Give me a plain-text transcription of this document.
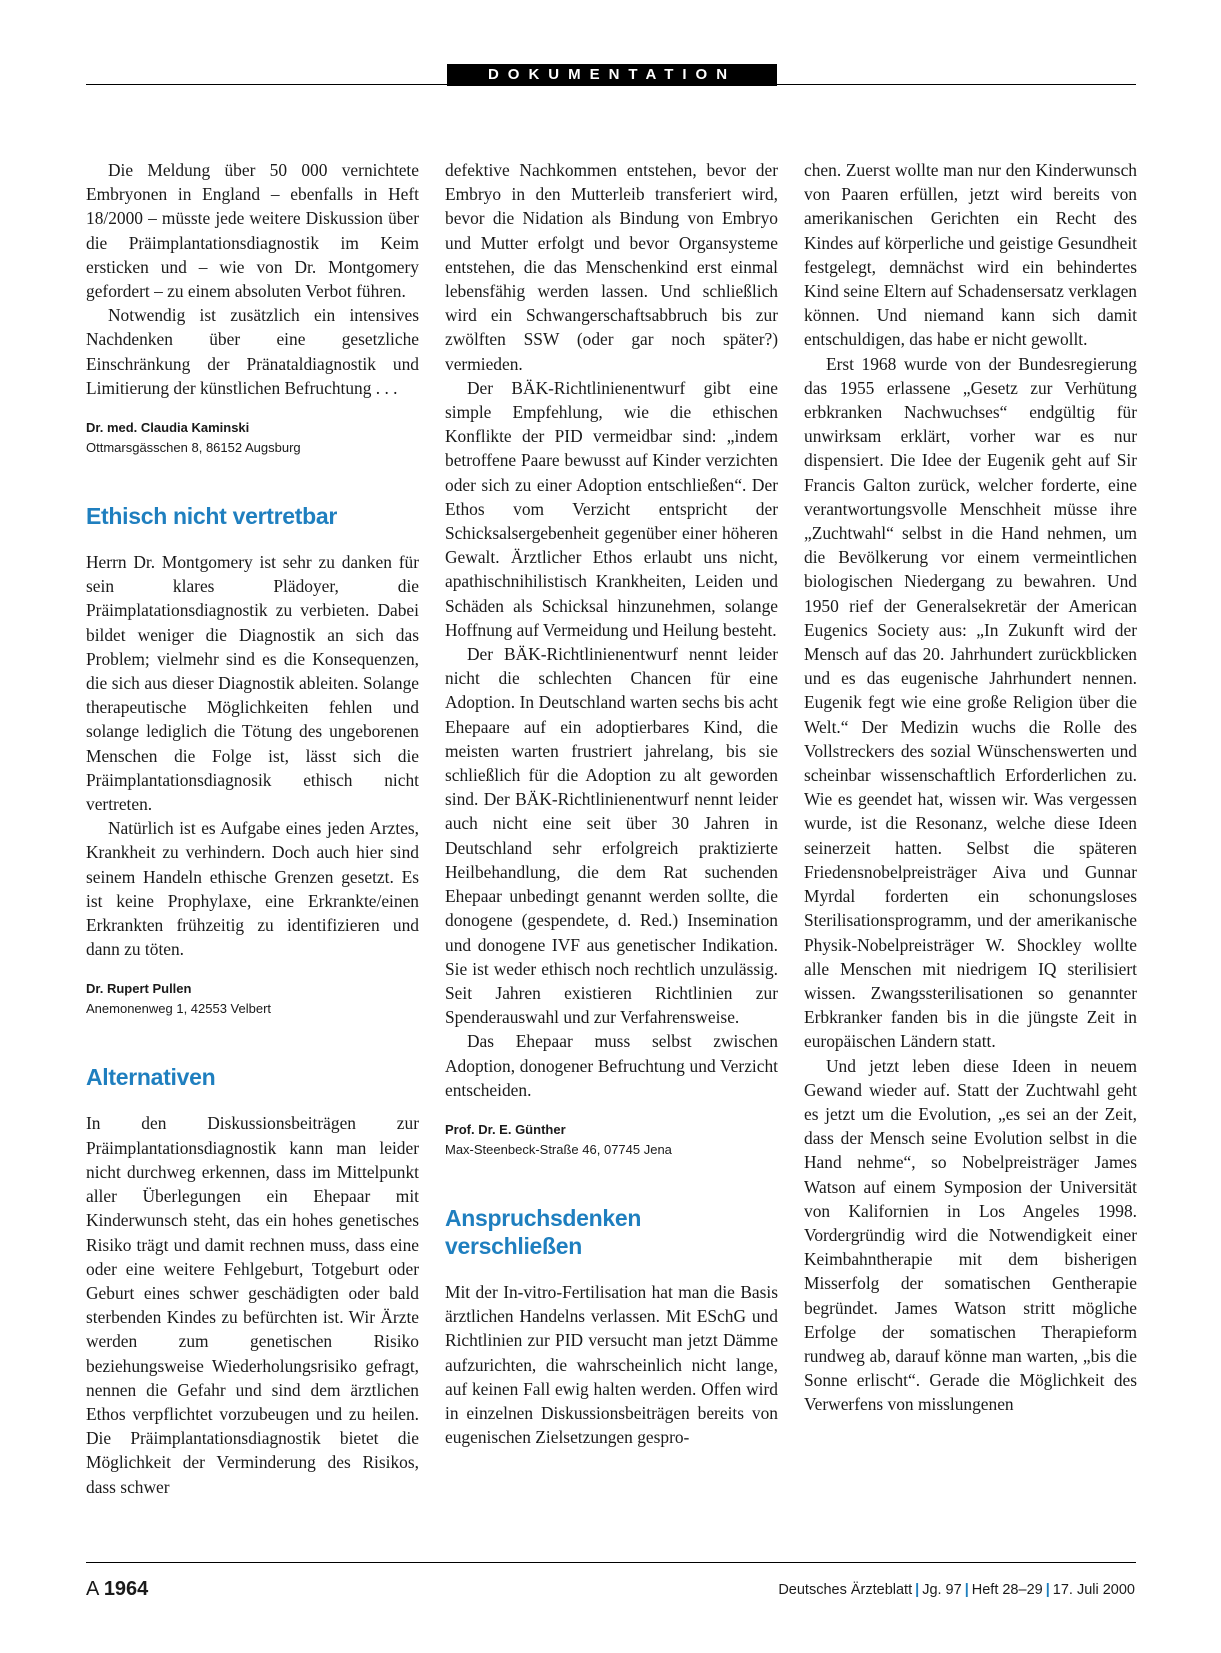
DOKUMENTATION

Die Meldung über 50 000 vernichtete Embryonen in England – ebenfalls in Heft 18/2000 – müsste jede weitere Diskussion über die Präimplantationsdiagnostik im Keim ersticken und – wie von Dr. Montgomery gefordert – zu einem absoluten Verbot führen.

Notwendig ist zusätzlich ein intensives Nachdenken über eine gesetzliche Einschränkung der Pränataldiagnostik und Limitierung der künstlichen Befruchtung . . .

Dr. med. Claudia Kaminski
Ottmarsgässchen 8, 86152 Augsburg
Ethisch nicht vertretbar

Herrn Dr. Montgomery ist sehr zu danken für sein klares Plädoyer, die Präimplatationsdiagnostik zu verbieten. Dabei bildet weniger die Diagnostik an sich das Problem; vielmehr sind es die Konsequenzen, die sich aus dieser Diagnostik ableiten. Solange therapeutische Möglichkeiten fehlen und solange lediglich die Tötung des ungeborenen Menschen die Folge ist, lässt sich die Präimplantationsdiagnosik ethisch nicht vertreten.

Natürlich ist es Aufgabe eines jeden Arztes, Krankheit zu verhindern. Doch auch hier sind seinem Handeln ethische Grenzen gesetzt. Es ist keine Prophylaxe, eine Erkrankte/einen Erkrankten frühzeitig zu identifizieren und dann zu töten.

Dr. Rupert Pullen
Anemonenweg 1, 42553 Velbert
Alternativen

In den Diskussionsbeiträgen zur Präimplantationsdiagnostik kann man leider nicht durchweg erkennen, dass im Mittelpunkt aller Überlegungen ein Ehepaar mit Kinderwunsch steht, das ein hohes genetisches Risiko trägt und damit rechnen muss, dass eine oder eine weitere Fehlgeburt, Totgeburt oder Geburt eines schwer geschädigten oder bald sterbenden Kindes zu befürchten ist. Wir Ärzte werden zum genetischen Risiko beziehungsweise Wiederholungsrisiko gefragt, nennen die Gefahr und sind dem ärztlichen Ethos verpflichtet vorzubeugen und zu heilen. Die Präimplantationsdiagnostik bietet die Möglichkeit der Verminderung des Risikos, dass schwer

defektive Nachkommen entstehen, bevor der Embryo in den Mutterleib transferiert wird, bevor die Nidation als Bindung von Embryo und Mutter erfolgt und bevor Organsysteme entstehen, die das Menschenkind erst einmal lebensfähig werden lassen. Und schließlich wird ein Schwangerschaftsabbruch bis zur zwölften SSW (oder gar noch später?) vermieden.

Der BÄK-Richtlinienentwurf gibt eine simple Empfehlung, wie die ethischen Konflikte der PID vermeidbar sind: „indem betroffene Paare bewusst auf Kinder verzichten oder sich zu einer Adoption entschließen“. Der Ethos vom Verzicht entspricht der Schicksalsergebenheit gegenüber einer höheren Gewalt. Ärztlicher Ethos erlaubt uns nicht, apathischnihilistisch Krankheiten, Leiden und Schäden als Schicksal hinzunehmen, solange Hoffnung auf Vermeidung und Heilung besteht.

Der BÄK-Richtlinienentwurf nennt leider nicht die schlechten Chancen für eine Adoption. In Deutschland warten sechs bis acht Ehepaare auf ein adoptierbares Kind, die meisten warten frustriert jahrelang, bis sie schließlich für die Adoption zu alt geworden sind. Der BÄK-Richtlinienentwurf nennt leider auch nicht eine seit über 30 Jahren in Deutschland sehr erfolgreich praktizierte Heilbehandlung, die dem Rat suchenden Ehepaar unbedingt genannt werden sollte, die donogene (gespendete, d. Red.) Insemination und donogene IVF aus genetischer Indikation. Sie ist weder ethisch noch rechtlich unzulässig. Seit Jahren existieren Richtlinien zur Spenderauswahl und zur Verfahrensweise.

Das Ehepaar muss selbst zwischen Adoption, donogener Befruchtung und Verzicht entscheiden.

Prof. Dr. E. Günther
Max-Steenbeck-Straße 46, 07745 Jena
Anspruchsdenken verschließen

Mit der In-vitro-Fertilisation hat man die Basis ärztlichen Handelns verlassen. Mit ESchG und Richtlinien zur PID versucht man jetzt Dämme aufzurichten, die wahrscheinlich nicht lange, auf keinen Fall ewig halten werden. Offen wird in einzelnen Diskussionsbeiträgen bereits von eugenischen Zielsetzungen gespro-

chen. Zuerst wollte man nur den Kinderwunsch von Paaren erfüllen, jetzt wird bereits von amerikanischen Gerichten ein Recht des Kindes auf körperliche und geistige Gesundheit festgelegt, demnächst wird ein behindertes Kind seine Eltern auf Schadensersatz verklagen können. Und niemand kann sich damit entschuldigen, das habe er nicht gewollt.

Erst 1968 wurde von der Bundesregierung das 1955 erlassene „Gesetz zur Verhütung erbkranken Nachwuchses“ endgültig für unwirksam erklärt, vorher war es nur dispensiert. Die Idee der Eugenik geht auf Sir Francis Galton zurück, welcher forderte, eine verantwortungsvolle Menschheit müsse ihre „Zuchtwahl“ selbst in die Hand nehmen, um die Bevölkerung vor einem vermeintlichen biologischen Niedergang zu bewahren. Und 1950 rief der Generalsekretär der American Eugenics Society aus: „In Zukunft wird der Mensch auf das 20. Jahrhundert zurückblicken und es das eugenische Jahrhundert nennen. Eugenik fegt wie eine große Religion über die Welt.“ Der Medizin wuchs die Rolle des Vollstreckers des sozial Wünschenswerten und scheinbar wissenschaftlich Erforderlichen zu. Wie es geendet hat, wissen wir. Was vergessen wurde, ist die Resonanz, welche diese Ideen seinerzeit hatten. Selbst die späteren Friedensnobelpreisträger Aiva und Gunnar Myrdal forderten ein schonungsloses Sterilisationsprogramm, und der amerikanische Physik-Nobelpreisträger W. Shockley wollte alle Menschen mit niedrigem IQ sterilisiert wissen. Zwangssterilisationen so genannter Erbkranker fanden bis in die jüngste Zeit in europäischen Ländern statt.

Und jetzt leben diese Ideen in neuem Gewand wieder auf. Statt der Zuchtwahl geht es jetzt um die Evolution, „es sei an der Zeit, dass der Mensch seine Evolution selbst in die Hand nehme“, so Nobelpreisträger James Watson auf einem Symposion der Universität von Kalifornien in Los Angeles 1998. Vordergründig wird die Notwendigkeit einer Keimbahntherapie mit dem bisherigen Misserfolg der somatischen Gentherapie begründet. James Watson stritt mögliche Erfolge der somatischen Therapieform rundweg ab, darauf könne man warten, „bis die Sonne erlischt“. Gerade die Möglichkeit des Verwerfens von misslungenen

A 1964	Deutsches Ärzteblatt | Jg. 97 | Heft 28–29 | 17. Juli 2000
